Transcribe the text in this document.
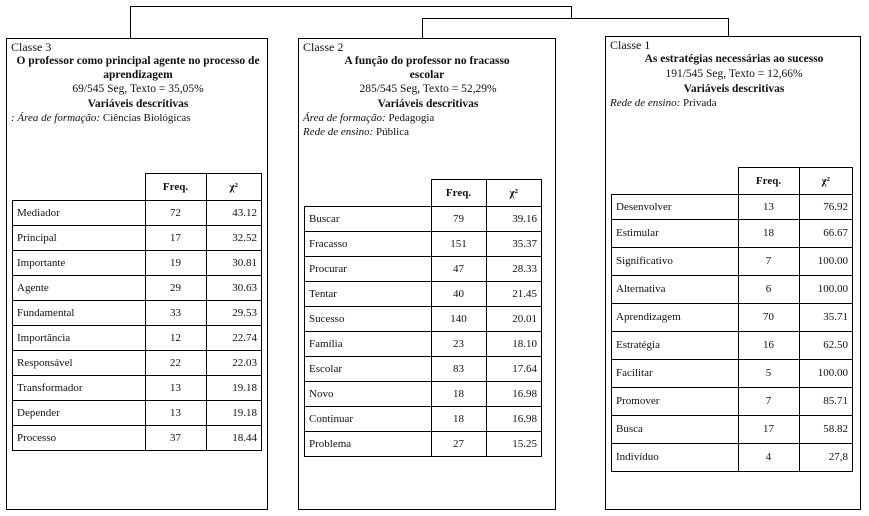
Classe 3
O professor como principal agente no processo de aprendizagem
69/545 Seg, Texto = 35,05%
Variáveis descritivas
: Área de formação: Ciências Biológicas
	Freq.	χ²
Mediador	72	43.12
Principal	17	32.52
Importante	19	30.81
Agente	29	30.63
Fundamental	33	29.53
Importância	12	22.74
Responsável	22	22.03
Transformador	13	19.18
Depender	13	19.18
Processo	37	18.44
Classe 2
A função do professor no fracasso escolar
285/545 Seg, Texto = 52,29%
Variáveis descritivas
Área de formação: Pedagogia
Rede de ensino: Pública
	Freq.	χ²
Buscar	79	39.16
Fracasso	151	35.37
Procurar	47	28.33
Tentar	40	21.45
Sucesso	140	20.01
Família	23	18.10
Escolar	83	17.64
Novo	18	16.98
Continuar	18	16.98
Problema	27	15.25
Classe 1
As estratégias necessárias ao sucesso
191/545 Seg, Texto = 12,66%
Variáveis descritivas
Rede de ensino: Privada
	Freq.	χ²
Desenvolver	13	76.92
Estimular	18	66.67
Significativo	7	100.00
Alternativa	6	100.00
Aprendizagem	70	35.71
Estratégia	16	62.50
Facilitar	5	100.00
Promover	7	85.71
Busca	17	58.82
Indivíduo	4	27,8
